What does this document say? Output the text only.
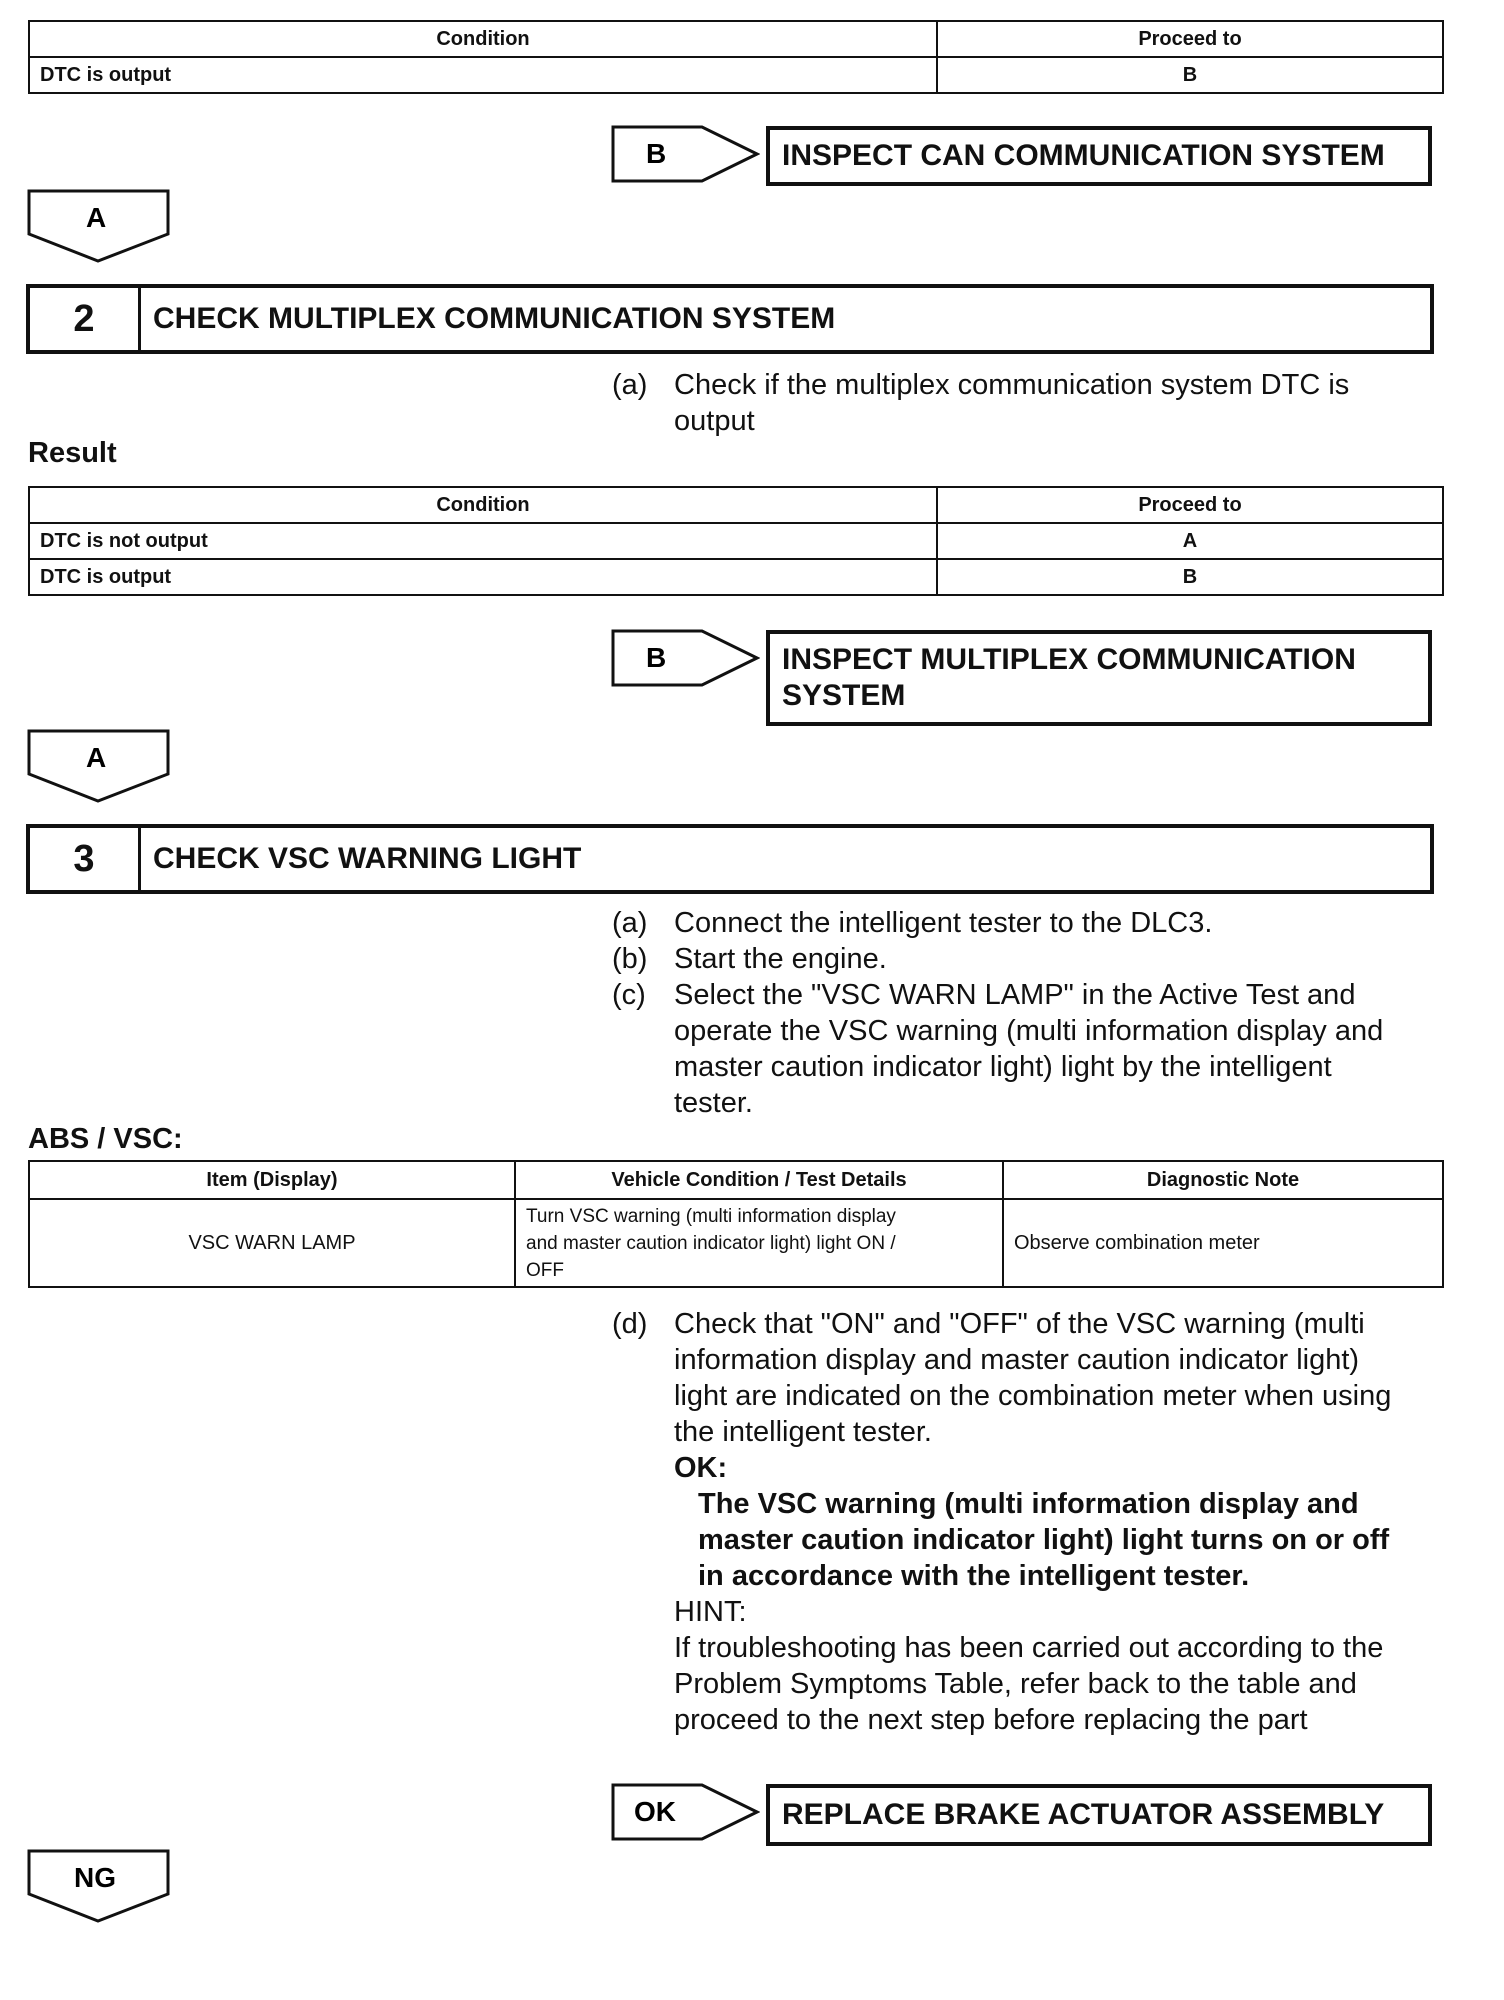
Condition	Proceed to
DTC is output	B
B	INSPECT CAN COMMUNICATION SYSTEM
A
2	CHECK MULTIPLEX COMMUNICATION SYSTEM
(a) Check if the multiplex communication system DTC is
output
Result
Condition	Proceed to
DTC is not output	A
DTC is output	B
B	INSPECT MULTIPLEX COMMUNICATION
SYSTEM
A
3	CHECK VSC WARNING LIGHT
(a) Connect the intelligent tester to the DLC3.
(b) Start the engine.
(c) Select the "VSC WARN LAMP" in the Active Test and
operate the VSC warning (multi information display and
master caution indicator light) light by the intelligent
tester.
ABS / VSC:
Item (Display)	Vehicle Condition / Test Details	Diagnostic Note
VSC WARN LAMP	Turn VSC warning (multi information display
and master caution indicator light) light ON /
OFF	Observe combination meter
(d) Check that "ON" and "OFF" of the VSC warning (multi
information display and master caution indicator light)
light are indicated on the combination meter when using
the intelligent tester.
OK:
The VSC warning (multi information display and
master caution indicator light) light turns on or off
in accordance with the intelligent tester.
HINT:
If troubleshooting has been carried out according to the
Problem Symptoms Table, refer back to the table and
proceed to the next step before replacing the part
OK	REPLACE BRAKE ACTUATOR ASSEMBLY
NG
